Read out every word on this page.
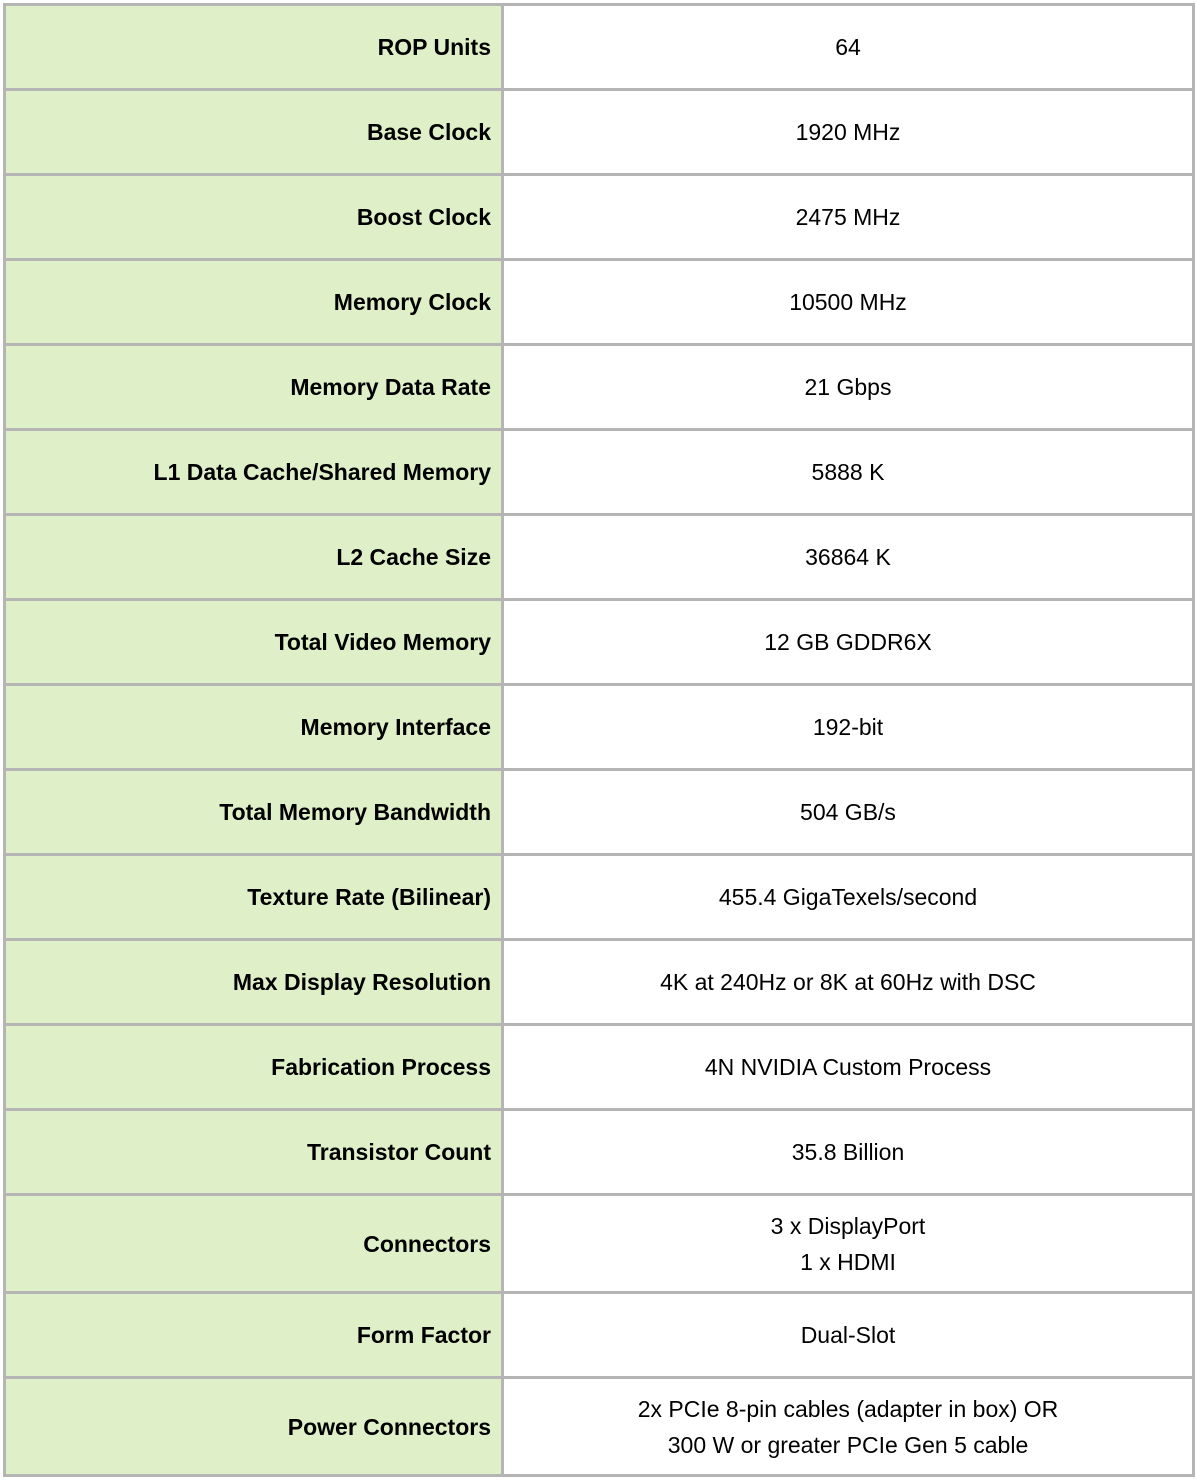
ROP Units	64

Base Clock	1920 MHz

Boost Clock	2475 MHz

Memory Clock	10500 MHz

Memory Data Rate	21 Gbps

L1 Data Cache/Shared Memory	5888 K

L2 Cache Size	36864 K

Total Video Memory	12 GB GDDR6X

Memory Interface	192-bit

Total Memory Bandwidth	504 GB/s

Texture Rate (Bilinear)	455.4 GigaTexels/second

Max Display Resolution	4K at 240Hz or 8K at 60Hz with DSC

Fabrication Process	4N NVIDIA Custom Process

Transistor Count	35.8 Billion

Connectors	3 x DisplayPort
1 x HDMI

Form Factor	Dual-Slot

Power Connectors	2x PCIe 8-pin cables (adapter in box) OR
300 W or greater PCIe Gen 5 cable
